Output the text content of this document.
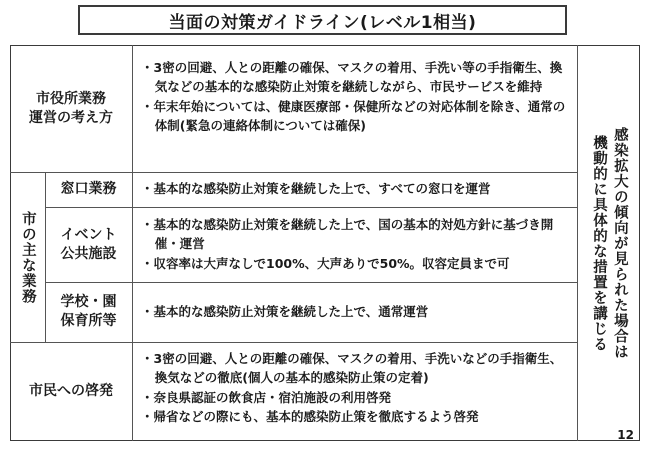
当面の対策ガイドライン(レベル1相当)
市役所業務
運営の考え方
・3密の回避、人との距離の確保、マスクの着用、手洗い等の手指衛生、換気などの基本的な感染防止対策を継続しながら、市民サービスを維持
・年末年始については、健康医療部・保健所などの対応体制を除き、通常の体制(緊急の連絡体制については確保)
市の主な業務
窓口業務	・基本的な感染防止対策を継続した上で、すべての窓口を運営
イベント
公共施設
・基本的な感染防止対策を継続した上で、国の基本的対処方針に基づき開催・運営
・収容率は大声なしで100%、大声ありで50%。収容定員まで可
学校・園
保育所等
・基本的な感染防止対策を継続した上で、通常運営
市民への啓発
・3密の回避、人との距離の確保、マスクの着用、手洗いなどの手指衛生、換気などの徹底(個人の基本的感染防止策の定着)
・奈良県認証の飲食店・宿泊施設の利用啓発
・帰省などの際にも、基本的感染防止策を徹底するよう啓発
感染拡大の傾向が見られた場合は
機動的に具体的な措置を講じる
12
